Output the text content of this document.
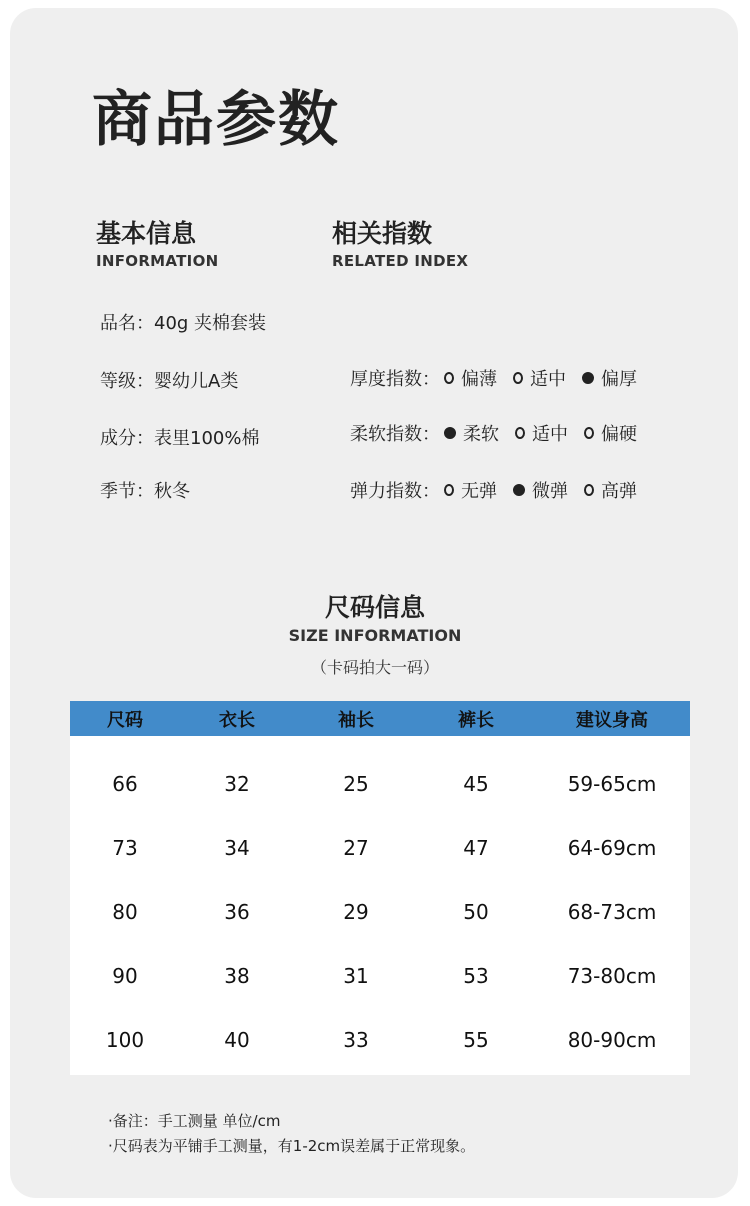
商品参数
基本信息
INFORMATION
品名：40g 夹棉套装
等级：婴幼儿A类
成分：表里100%棉
季节：秋冬
相关指数
RELATED INDEX
厚度指数： 偏薄 适中 偏厚
柔软指数： 柔软 适中 偏硬
弹力指数： 无弹 微弹 高弹
尺码信息
SIZE INFORMATION
（卡码拍大一码）
尺码	衣长	袖长	裤长	建议身高
66	32	25	45	59-65cm
73	34	27	47	64-69cm
80	36	29	50	68-73cm
90	38	31	53	73-80cm
100	40	33	55	80-90cm
·备注：手工测量 单位/cm
·尺码表为平铺手工测量，有1-2cm误差属于正常现象。
